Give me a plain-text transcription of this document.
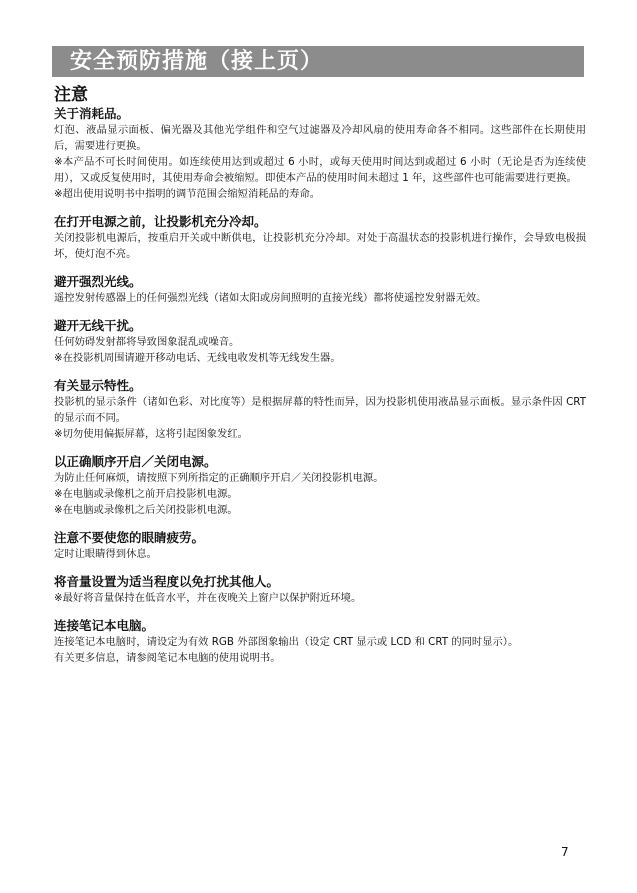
安全预防措施（接上页）
注意
关于消耗品。

灯泡、液晶显示面板、偏光器及其他光学组件和空气过滤器及冷却风扇的使用寿命各不相同。这些部件在长期使用后，需要进行更换。

※本产品不可长时间使用。如连续使用达到或超过 6 小时，或每天使用时间达到或超过 6 小时（无论是否为连续使用），又或反复使用时，其使用寿命会被缩短。即使本产品的使用时间未超过 1 年，这些部件也可能需要进行更换。

※超出使用说明书中指明的调节范围会缩短消耗品的寿命。

在打开电源之前，让投影机充分冷却。

关闭投影机电源后，按重启开关或中断供电，让投影机充分冷却。对处于高温状态的投影机进行操作，会导致电极损坏，使灯泡不亮。

避开强烈光线。

遥控发射传感器上的任何强烈光线（诸如太阳或房间照明的直接光线）都将使遥控发射器无效。

避开无线干扰。

任何妨碍发射都将导致图象混乱或噪音。

※在投影机周围请避开移动电话、无线电收发机等无线发生器。

有关显示特性。

投影机的显示条件（诸如色彩、对比度等）是根据屏幕的特性而异，因为投影机使用液晶显示面板。显示条件因 CRT 的显示而不同。

※切勿使用偏振屏幕，这将引起图象发红。

以正确顺序开启／关闭电源。

为防止任何麻烦，请按照下列所指定的正确顺序开启／关闭投影机电源。

※在电脑或录像机之前开启投影机电源。

※在电脑或录像机之后关闭投影机电源。

注意不要使您的眼睛疲劳。

定时让眼睛得到休息。

将音量设置为适当程度以免打扰其他人。

※最好将音量保持在低音水平，并在夜晚关上窗户以保护附近环境。

连接笔记本电脑。

连接笔记本电脑时，请设定为有效 RGB 外部图象输出（设定 CRT 显示或 LCD 和 CRT 的同时显示）。

有关更多信息，请参阅笔记本电脑的使用说明书。

7
